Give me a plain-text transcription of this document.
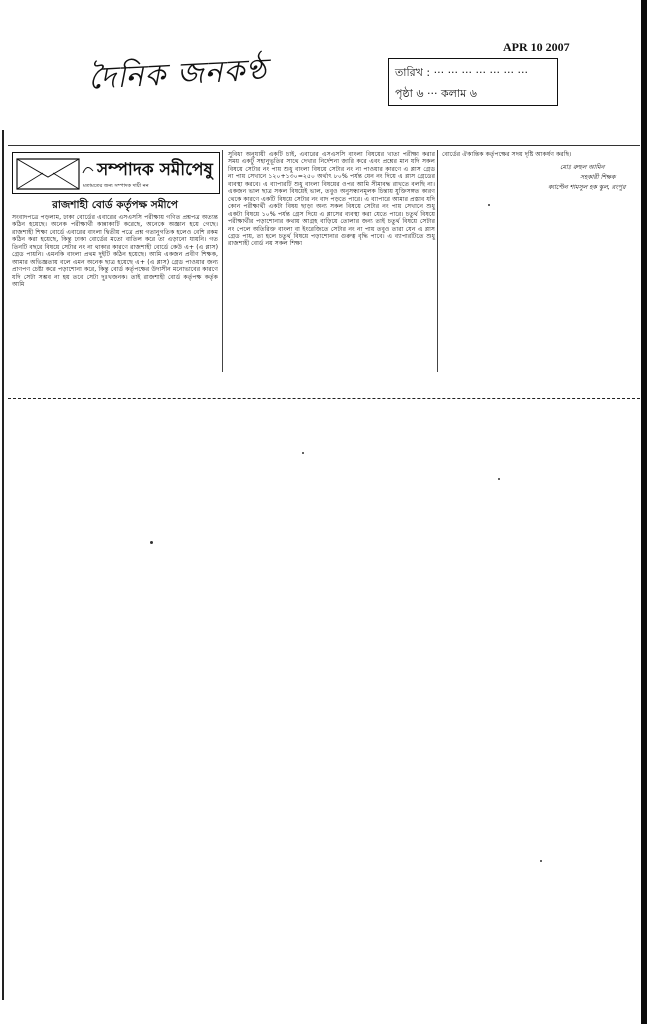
দৈনিক জনকণ্ঠ
APR 10 2007
তারিখ : ··· ··· ··· ··· ··· ··· ···
পৃষ্ঠা ৬ ··· কলাম ৬
সম্পাদক সমীপেষু
মতামতের জন্য সম্পাদক দায়ী নন
রাজশাহী বোর্ড কর্তৃপক্ষ সমীপে
সংবাদপত্রে পড়লাম, ঢাকা বোর্ডের এবারের এসএসসি পরীক্ষায় গণিত প্রশ্নপত্র অত্যন্ত কঠিন হয়েছে। অনেক পরীক্ষার্থী কান্নাকাটি করেছে, অনেকে অজ্ঞান হয়ে গেছে। রাজশাহী শিক্ষা বোর্ডে এবারের বাংলা দ্বিতীয় পত্রে প্রশ্ন গতানুগতিক হলেও বেশি রকম কঠিন করা হয়েছে, কিন্তু ঢাকা বোর্ডের মতো বাতিল করে তা এড়ানো যায়নি। গত তিনটি বছরে বিষয়ে সেটার নং না থাকার কারণে রাজশাহী বোর্ডে কেউ এ+ (এ প্লাস) গ্রেড পায়নি। এমনকি বাংলা প্রথম দুইটি কঠিন হয়েছে। আমি একজন প্রবীণ শিক্ষক, আমার অভিজ্ঞতায় বলে এমন অনেক ছাত্র হয়েছে এ+ (এ প্লাস) গ্রেড পাওয়ার জন্য প্রাণপণ চেষ্টা করে পড়াশোনা করে, কিন্তু বোর্ড কর্তৃপক্ষের উদাসীন মনোভাবের কারণে যদি সেটা সম্ভব না হয় তবে সেটা দুঃখজনক। তাই রাজশাহী বোর্ড কর্তৃপক্ষ কর্তৃক আমি
সুবিধা অনুযায়ী একটি চাই, এবারের এসএসসি বাংলা বিষয়ের খাতা পরীক্ষা করার সময় একটু সহানুভূতির সাথে দেখার নির্দেশনা জারি করে এবং প্রশ্নের মান যদি সকল বিষয়ে সেটার নং পায় শুধু বাংলা বিষয়ে সেটার নং না পাওয়ার কারণে এ প্লাস গ্রেড না পায় সেখানে ১২০+১৩০=২৫০ অর্থাৎ ৮০% পর্যন্ত যেন নং দিয়ে এ প্লাস গ্রেডের ব্যবস্থা করবে। এ ব্যাপারটি শুধু বাংলা বিষয়ের ওপর আমি সীমাবদ্ধ রাখতে বলছি না। একজন ভাল ছাত্র সকল বিষয়েই ভাল, তবুও অনুসন্ধানমূলক চিন্তায় যুক্তিসঙ্গত কারণ থেকে কারণে একটি বিষয়ে সেটার নং বাদ পড়তে পারে। এ ব্যাপারে আমার প্রস্তাব যদি কোন পরীক্ষার্থী একটা বিষয় ছাড়া অন্য সকল বিষয়ে সেটার নং পায় সেখানে শুধু একটা বিষয়ে ১০% পর্যন্ত গ্রেস দিয়ে এ প্লাসের ব্যবস্থা করা যেতে পারে। চতুর্থ বিষয়ে পরীক্ষার্থীর পড়াশোনার কথায় আগ্রহ বাড়িয়ে তোলার জন্য তাই চতুর্থ বিষয়ে সেটার নং পেলে অতিরিক্ত বাংলা বা ইংরেজিতে সেটার নং না পায় তবুও তারা যেন এ প্লাস গ্রেড পায়, তা হলে চতুর্থ বিষয়ে পড়াশোনার গুরুত্ব বৃদ্ধি পাবে। এ ব্যাপারটিতে শুধু রাজশাহী বোর্ড নয় সকল শিক্ষা
বোর্ডের ঐকান্তিক কর্তৃপক্ষের সদয় দৃষ্টি আকর্ষণ করছি।
মোঃ রুহুল আমিন
সহকারী শিক্ষক
ক্যাপ্টেন শামসুল হক স্কুল, রংপুর
